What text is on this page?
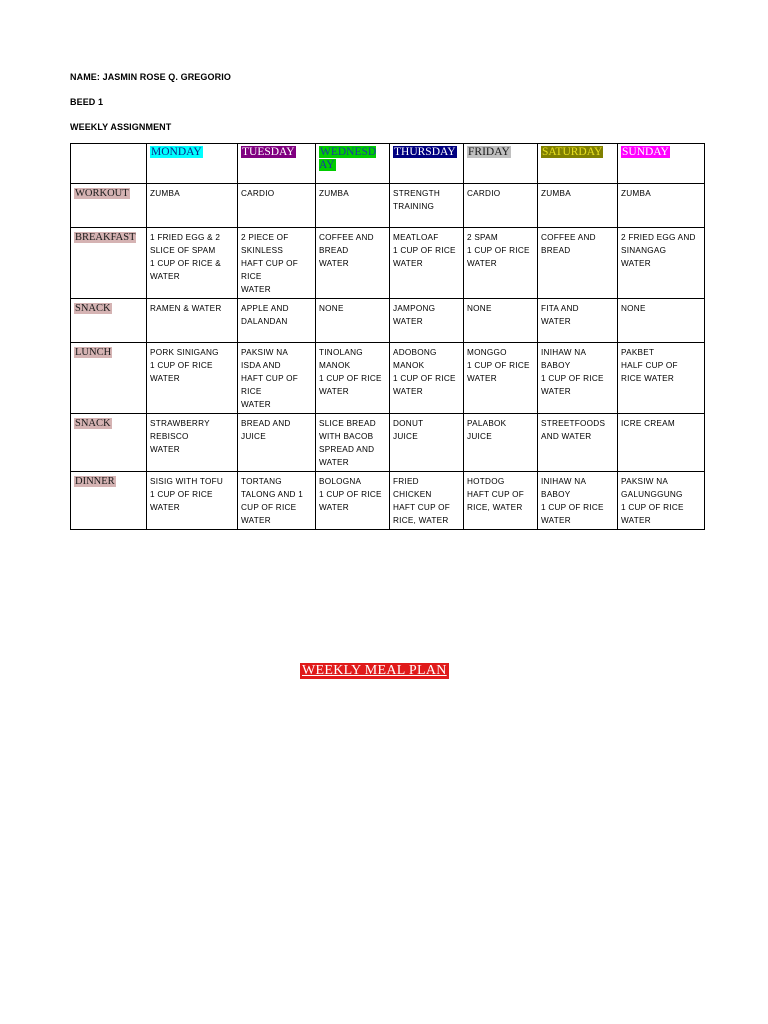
NAME: JASMIN ROSE Q. GREGORIO
BEED 1
WEEKLY ASSIGNMENT
	MONDAY	TUESDAY	WEDNESD
AY	THURSDAY	FRIDAY	SATURDAY	SUNDAY
WORKOUT	ZUMBA	CARDIO	ZUMBA	STRENGTH
TRAINING	CARDIO	ZUMBA	ZUMBA
BREAKFAST	1 FRIED EGG & 2
SLICE OF SPAM
1 CUP OF RICE &
WATER	2 PIECE OF
SKINLESS
HAFT CUP OF
RICE
WATER	COFFEE AND
BREAD
WATER	MEATLOAF
1 CUP OF RICE
WATER	2 SPAM
1 CUP OF RICE
WATER	COFFEE AND
BREAD	2 FRIED EGG AND
SINANGAG
WATER
SNACK	RAMEN & WATER	APPLE AND
DALANDAN	NONE	JAMPONG
WATER	NONE	FITA AND
WATER	NONE
LUNCH	PORK SINIGANG
1 CUP OF RICE
WATER	PAKSIW NA
ISDA AND
HAFT CUP OF
RICE
WATER	TINOLANG
MANOK
1 CUP OF RICE
WATER	ADOBONG
MANOK
1 CUP OF RICE
WATER	MONGGO
1 CUP OF RICE
WATER	INIHAW NA
BABOY
1 CUP OF RICE
WATER	PAKBET
HALF CUP OF
RICE WATER
SNACK	STRAWBERRY
REBISCO
WATER	BREAD AND
JUICE	SLICE BREAD
WITH BACOB
SPREAD AND
WATER	DONUT
JUICE	PALABOK
JUICE	STREETFOODS
AND WATER	ICRE CREAM
DINNER	SISIG WITH TOFU
1 CUP OF RICE
WATER	TORTANG
TALONG AND 1
CUP OF RICE
WATER	BOLOGNA
1 CUP OF RICE
WATER	FRIED
CHICKEN
HAFT CUP OF
RICE, WATER	HOTDOG
HAFT CUP OF
RICE, WATER	INIHAW NA
BABOY
1 CUP OF RICE
WATER	PAKSIW NA
GALUNGGUNG
1 CUP OF RICE
WATER
WEEKLY MEAL PLAN
